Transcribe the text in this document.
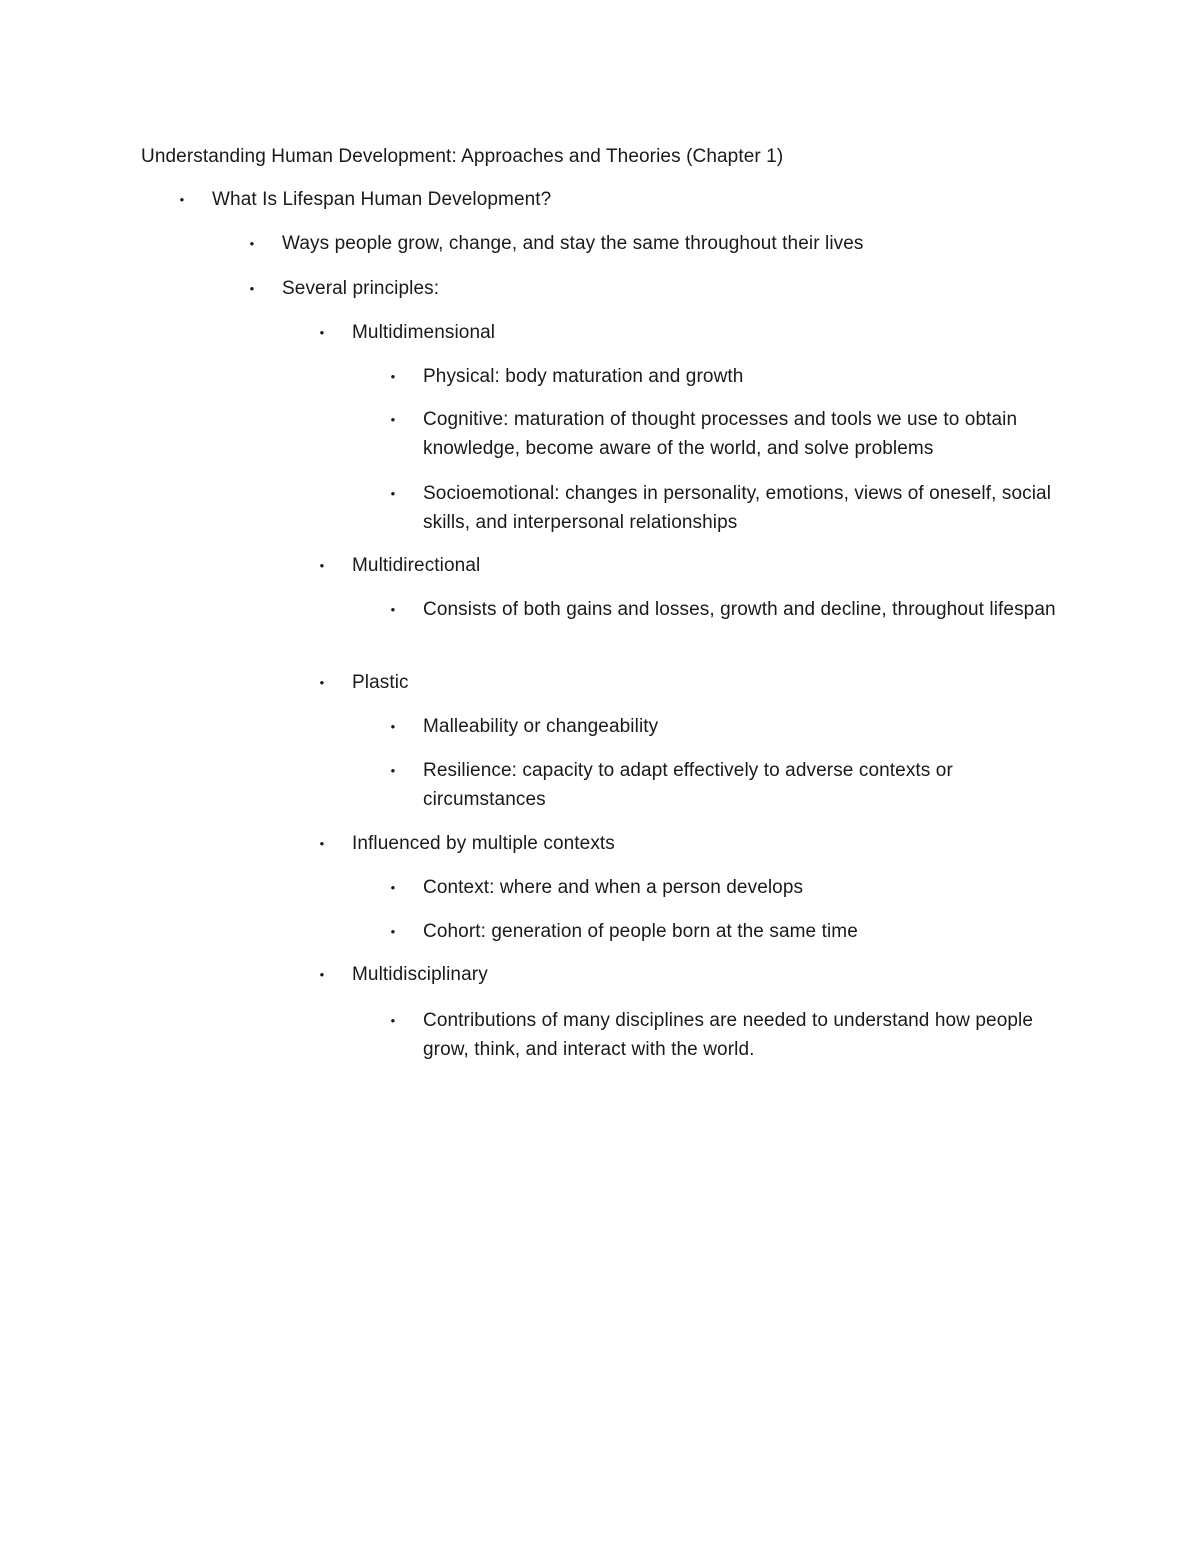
Understanding Human Development: Approaches and Theories (Chapter 1)
• What Is Lifespan Human Development?
• Ways people grow, change, and stay the same throughout their lives
• Several principles:
• Multidimensional
• Physical: body maturation and growth
• Cognitive: maturation of thought processes and tools we use to obtain knowledge, become aware of the world, and solve problems
• Socioemotional: changes in personality, emotions, views of oneself, social skills, and interpersonal relationships
• Multidirectional
• Consists of both gains and losses, growth and decline, throughout lifespan
• Plastic
• Malleability or changeability
• Resilience: capacity to adapt effectively to adverse contexts or circumstances
• Influenced by multiple contexts
• Context: where and when a person develops
• Cohort: generation of people born at the same time
• Multidisciplinary
• Contributions of many disciplines are needed to understand how people grow, think, and interact with the world.
